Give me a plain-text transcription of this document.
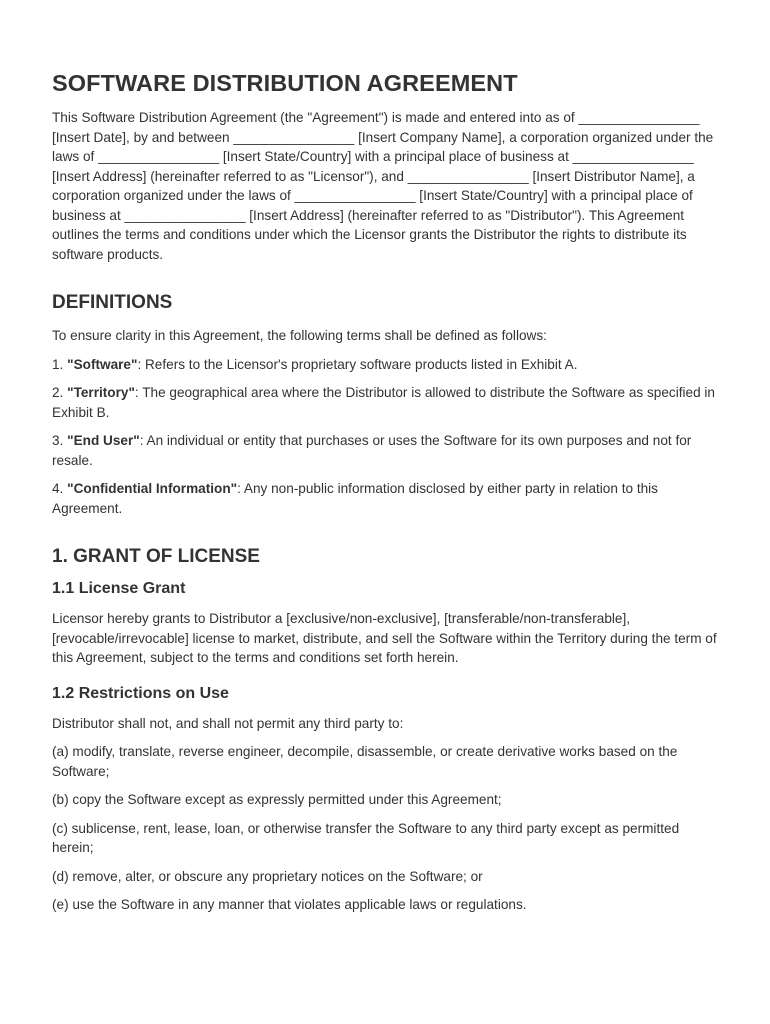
SOFTWARE DISTRIBUTION AGREEMENT

This Software Distribution Agreement (the "Agreement") is made and entered into as of ________________ [Insert Date], by and between ________________ [Insert Company Name], a corporation organized under the laws of ________________ [Insert State/Country] with a principal place of business at ________________ [Insert Address] (hereinafter referred to as "Licensor"), and ________________ [Insert Distributor Name], a corporation organized under the laws of ________________ [Insert State/Country] with a principal place of business at ________________ [Insert Address] (hereinafter referred to as "Distributor"). This Agreement outlines the terms and conditions under which the Licensor grants the Distributor the rights to distribute its software products.

DEFINITIONS

To ensure clarity in this Agreement, the following terms shall be defined as follows:

1. "Software": Refers to the Licensor's proprietary software products listed in Exhibit A.

2. "Territory": The geographical area where the Distributor is allowed to distribute the Software as specified in Exhibit B.

3. "End User": An individual or entity that purchases or uses the Software for its own purposes and not for resale.

4. "Confidential Information": Any non-public information disclosed by either party in relation to this Agreement.

1. GRANT OF LICENSE
1.1 License Grant

Licensor hereby grants to Distributor a [exclusive/non-exclusive], [transferable/non-transferable], [revocable/irrevocable] license to market, distribute, and sell the Software within the Territory during the term of this Agreement, subject to the terms and conditions set forth herein.

1.2 Restrictions on Use

Distributor shall not, and shall not permit any third party to:

(a) modify, translate, reverse engineer, decompile, disassemble, or create derivative works based on the Software;

(b) copy the Software except as expressly permitted under this Agreement;

(c) sublicense, rent, lease, loan, or otherwise transfer the Software to any third party except as permitted herein;

(d) remove, alter, or obscure any proprietary notices on the Software; or

(e) use the Software in any manner that violates applicable laws or regulations.
